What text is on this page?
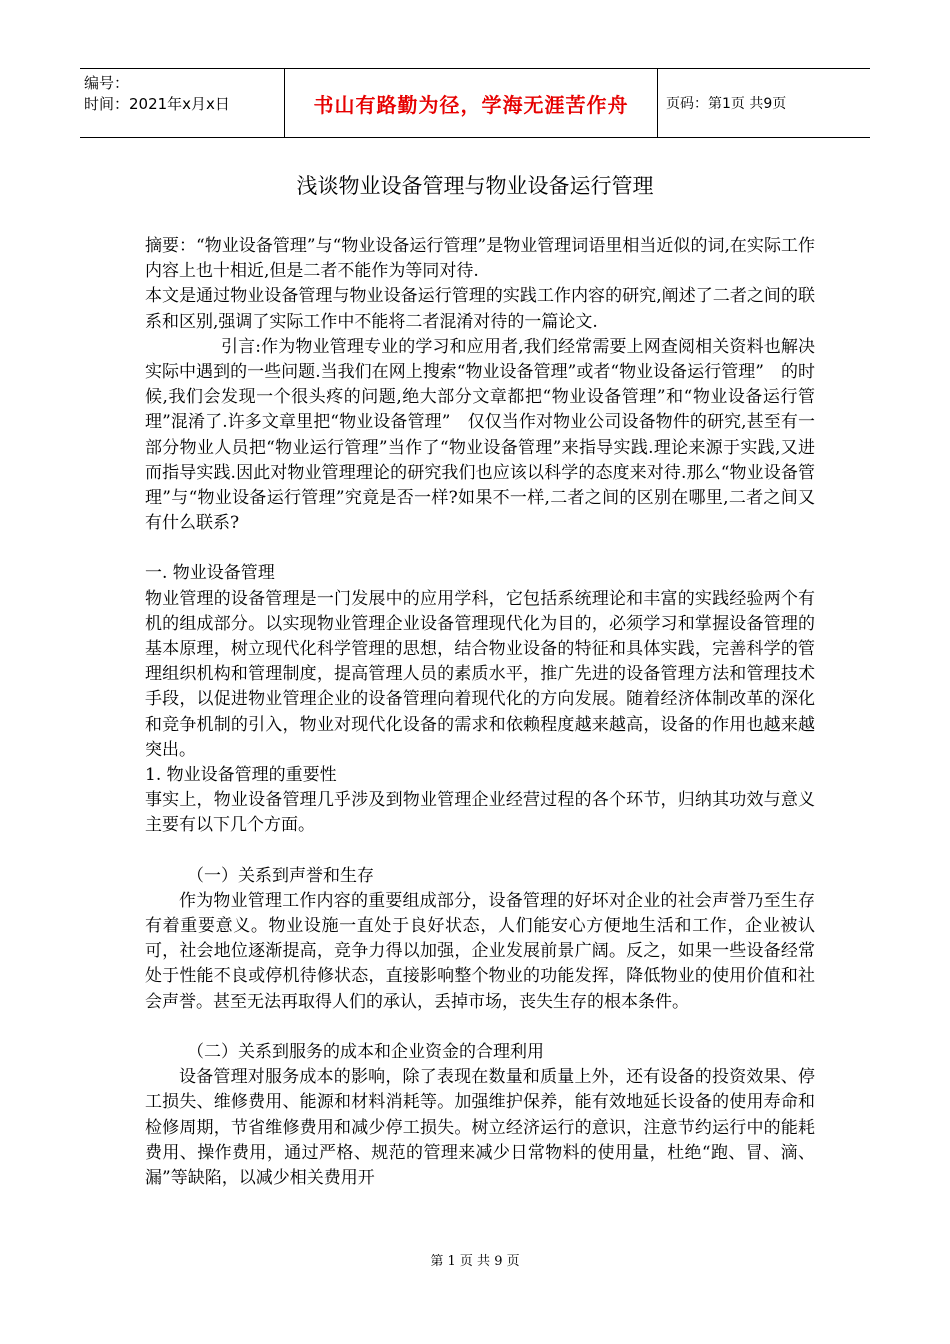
编号：
时间：2021年x月x日	书山有路勤为径，学海无涯苦作舟	页码：第1页 共9页
浅谈物业设备管理与物业设备运行管理

摘要：“物业设备管理”与“物业设备运行管理”是物业管理词语里相当近似的词,在实际工作内容上也十相近,但是二者不能作为等同对待.

本文是通过物业设备管理与物业设备运行管理的实践工作内容的研究,阐述了二者之间的联系和区别,强调了实际工作中不能将二者混淆对待的一篇论文.

引言:作为物业管理专业的学习和应用者,我们经常需要上网查阅相关资料也解决实际中遇到的一些问题.当我们在网上搜索“物业设备管理”或者“物业设备运行管理”　的时候,我们会发现一个很头疼的问题,绝大部分文章都把“物业设备管理”和“物业设备运行管理”混淆了.许多文章里把“物业设备管理”　仅仅当作对物业公司设备物件的研究,甚至有一部分物业人员把“物业运行管理”当作了“物业设备管理”来指导实践.理论来源于实践,又进而指导实践.因此对物业管理理论的研究我们也应该以科学的态度来对待.那么“物业设备管理”与“物业设备运行管理”究竟是否一样?如果不一样,二者之间的区别在哪里,二者之间又有什么联系?

一. 物业设备管理

物业管理的设备管理是一门发展中的应用学科，它包括系统理论和丰富的实践经验两个有机的组成部分。以实现物业管理企业设备管理现代化为目的，必须学习和掌握设备管理的基本原理，树立现代化科学管理的思想，结合物业设备的特征和具体实践，完善科学的管理组织机构和管理制度，提高管理人员的素质水平，推广先进的设备管理方法和管理技术手段，以促进物业管理企业的设备管理向着现代化的方向发展。随着经济体制改革的深化和竞争机制的引入，物业对现代化设备的需求和依赖程度越来越高，设备的作用也越来越突出。

1. 物业设备管理的重要性

事实上，物业设备管理几乎涉及到物业管理企业经营过程的各个环节，归纳其功效与意义主要有以下几个方面。

（一）关系到声誉和生存

作为物业管理工作内容的重要组成部分，设备管理的好坏对企业的社会声誉乃至生存有着重要意义。物业设施一直处于良好状态，人们能安心方便地生活和工作，企业被认可，社会地位逐渐提高，竞争力得以加强，企业发展前景广阔。反之，如果一些设备经常处于性能不良或停机待修状态，直接影响整个物业的功能发挥，降低物业的使用价值和社会声誉。甚至无法再取得人们的承认，丢掉市场，丧失生存的根本条件。

（二）关系到服务的成本和企业资金的合理利用

设备管理对服务成本的影响，除了表现在数量和质量上外，还有设备的投资效果、停工损失、维修费用、能源和材料消耗等。加强维护保养，能有效地延长设备的使用寿命和检修周期，节省维修费用和减少停工损失。树立经济运行的意识，注意节约运行中的能耗费用、操作费用，通过严格、规范的管理来减少日常物料的使用量，杜绝“跑、冒、滴、漏”等缺陷，以减少相关费用开

第 1 页 共 9 页
